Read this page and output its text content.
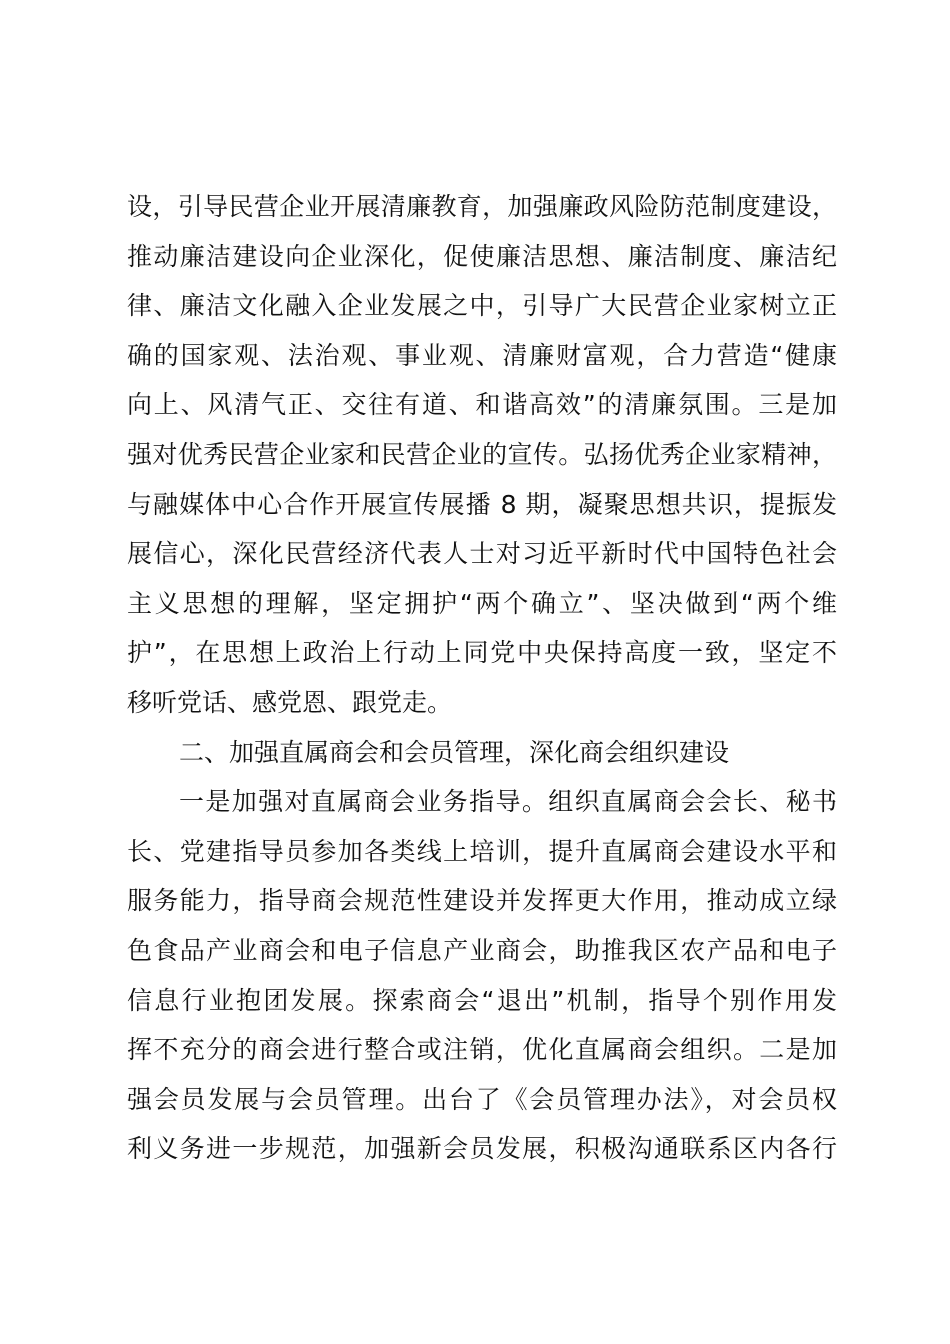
设，引导民营企业开展清廉教育，加强廉政风险防范制度建设，
推动廉洁建设向企业深化，促使廉洁思想、廉洁制度、廉洁纪
律、廉洁文化融入企业发展之中，引导广大民营企业家树立正
确的国家观、法治观、事业观、清廉财富观，合力营造“健康
向上、风清气正、交往有道、和谐高效”的清廉氛围。三是加
强对优秀民营企业家和民营企业的宣传。弘扬优秀企业家精神，
与融媒体中心合作开展宣传展播 8 期，凝聚思想共识，提振发
展信心，深化民营经济代表人士对习近平新时代中国特色社会
主义思想的理解，坚定拥护“两个确立”、坚决做到“两个维
护”，在思想上政治上行动上同党中央保持高度一致，坚定不
移听党话、感党恩、跟党走。
二、加强直属商会和会员管理，深化商会组织建设
一是加强对直属商会业务指导。组织直属商会会长、秘书
长、党建指导员参加各类线上培训，提升直属商会建设水平和
服务能力，指导商会规范性建设并发挥更大作用，推动成立绿
色食品产业商会和电子信息产业商会，助推我区农产品和电子
信息行业抱团发展。探索商会“退出”机制，指导个别作用发
挥不充分的商会进行整合或注销，优化直属商会组织。二是加
强会员发展与会员管理。出台了《会员管理办法》，对会员权
利义务进一步规范，加强新会员发展，积极沟通联系区内各行
